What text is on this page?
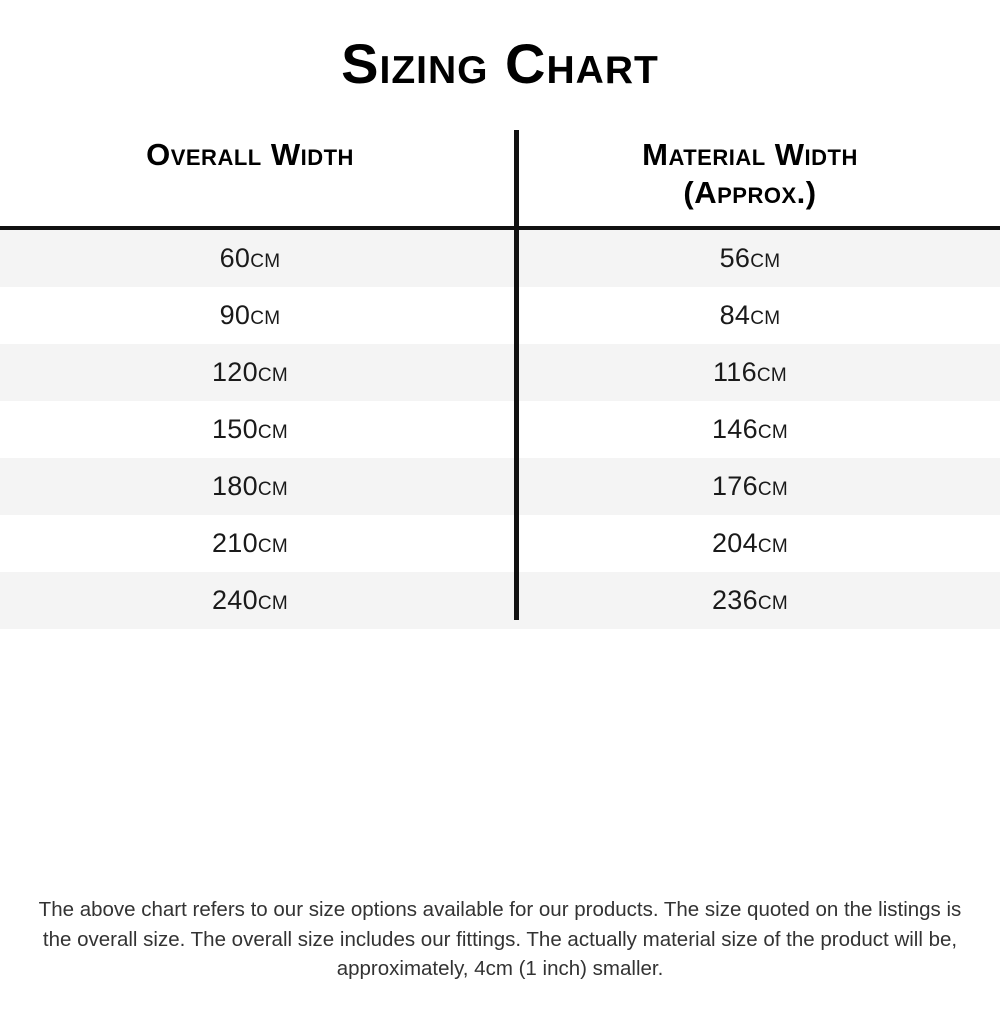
Sizing Chart
Overall Width	Material Width
(Approx.)

60cm	56cm
90cm	84cm
120cm	116cm
150cm	146cm
180cm	176cm
210cm	204cm
240cm	236cm
The above chart refers to our size options available for our products. The size quoted on the listings is the overall size. The overall size includes our fittings. The actually material size of the product will be, approximately, 4cm (1 inch) smaller.
